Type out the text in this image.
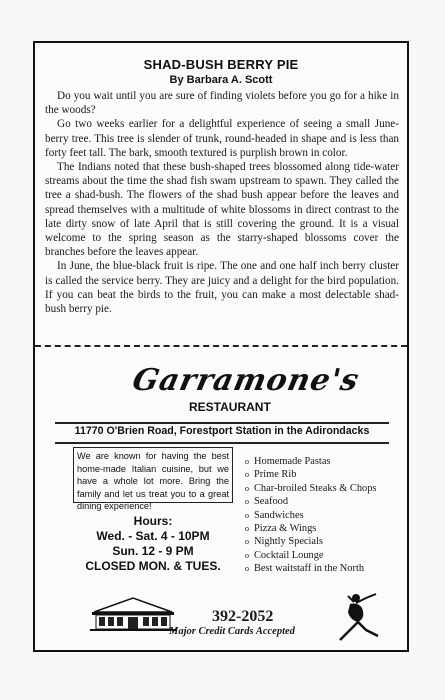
SHAD-BUSH BERRY PIE
By Barbara A. Scott

Do you wait until you are sure of finding violets before you go for a hike in the woods?

Go two weeks earlier for a delightful experience of seeing a small June-berry tree. This tree is slender of trunk, round-headed in shape and is less than forty feet tall. The bark, smooth textured is purplish brown in color.

The Indians noted that these bush-shaped trees blossomed along tide-water streams about the time the shad fish swam upstream to spawn. They called the tree a shad-bush. The flowers of the shad bush appear before the leaves and spread themselves with a multitude of white blossoms in direct contrast to the late dirty snow of late April that is still covering the ground. It is a visual welcome to the spring season as the starry-shaped blossoms cover the branches before the leaves appear.

In June, the blue-black fruit is ripe. The one and one half inch berry cluster is called the service berry. They are juicy and a delight for the bird population. If you can beat the birds to the fruit, you can make a most delectable shad-bush berry pie.

Garramone's
RESTAURANT
11770 O'Brien Road, Forestport Station in the Adirondacks
We are known for having the best home-made Italian cuisine, but we have a whole lot more. Bring the family and let us treat you to a great dining experience!
Hours:
Wed. - Sat. 4 - 10PM
Sun. 12 - 9 PM
CLOSED MON. & TUES.
o Homemade Pastas
o Prime Rib
o Char-broiled Steaks & Chops
o Seafood
o Sandwiches
o Pizza & Wings
o Nightly Specials
o Cocktail Lounge
o Best waitstaff in the North
392-2052
Major Credit Cards Accepted
